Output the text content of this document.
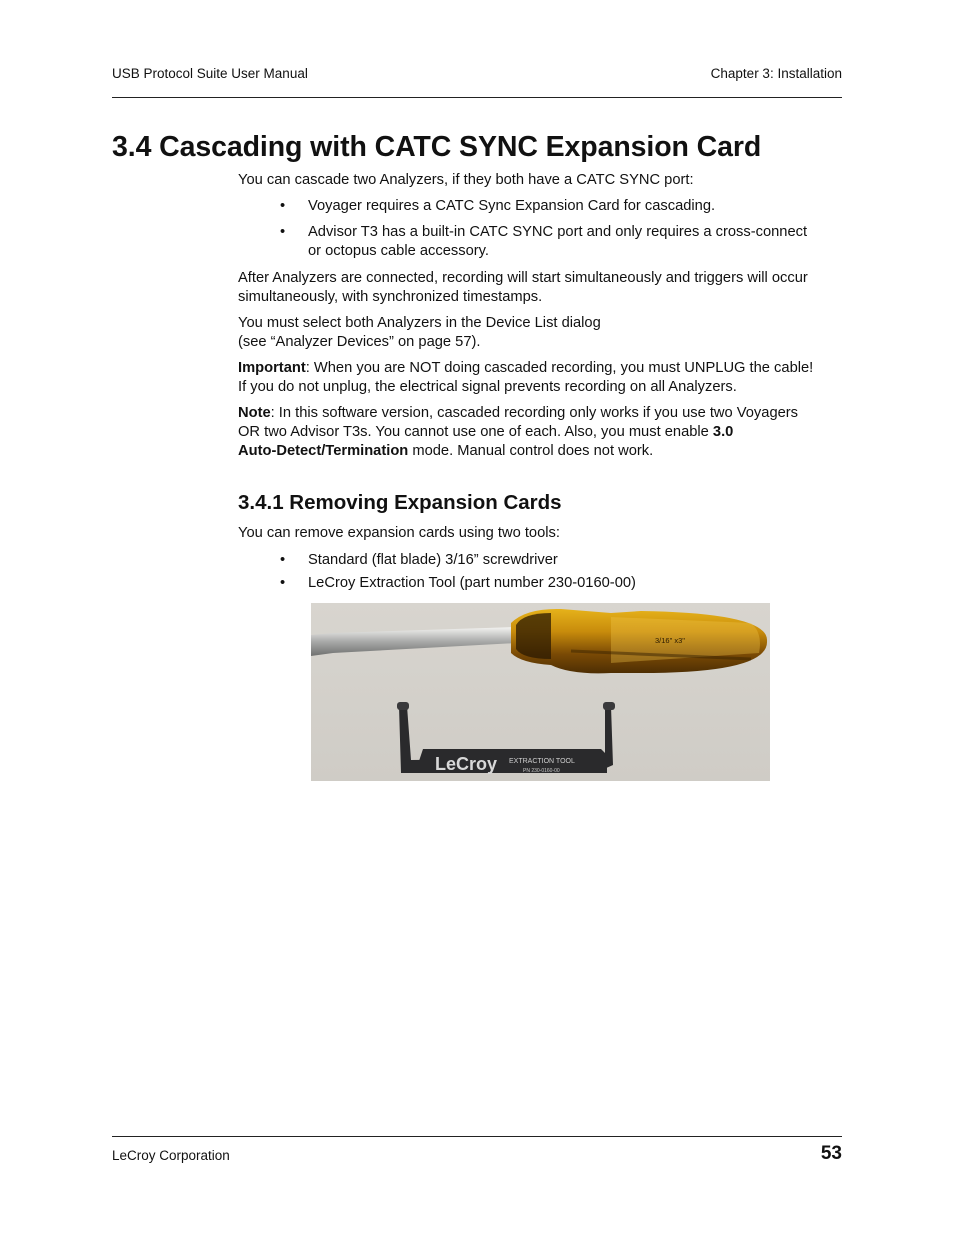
USB Protocol Suite User Manual	Chapter 3: Installation
3.4 Cascading with CATC SYNC Expansion Card
You can cascade two Analyzers, if they both have a CATC SYNC port:
• Voyager requires a CATC Sync Expansion Card for cascading.
• Advisor T3 has a built-in CATC SYNC port and only requires a cross-connect
or octopus cable accessory.
After Analyzers are connected, recording will start simultaneously and triggers will occur
simultaneously, with synchronized timestamps.
You must select both Analyzers in the Device List dialog
(see “Analyzer Devices” on page 57).
Important: When you are NOT doing cascaded recording, you must UNPLUG the cable!
If you do not unplug, the electrical signal prevents recording on all Analyzers.
Note: In this software version, cascaded recording only works if you use two Voyagers
OR two Advisor T3s. You cannot use one of each. Also, you must enable 3.0
Auto-Detect/Termination mode. Manual control does not work.
3.4.1 Removing Expansion Cards
You can remove expansion cards using two tools:
• Standard (flat blade) 3/16” screwdriver
• LeCroy Extraction Tool (part number 230-0160-00)
3/16" x3"
LeCroy EXTRACTION TOOL
PN 230-0160-00
LeCroy Corporation	53
